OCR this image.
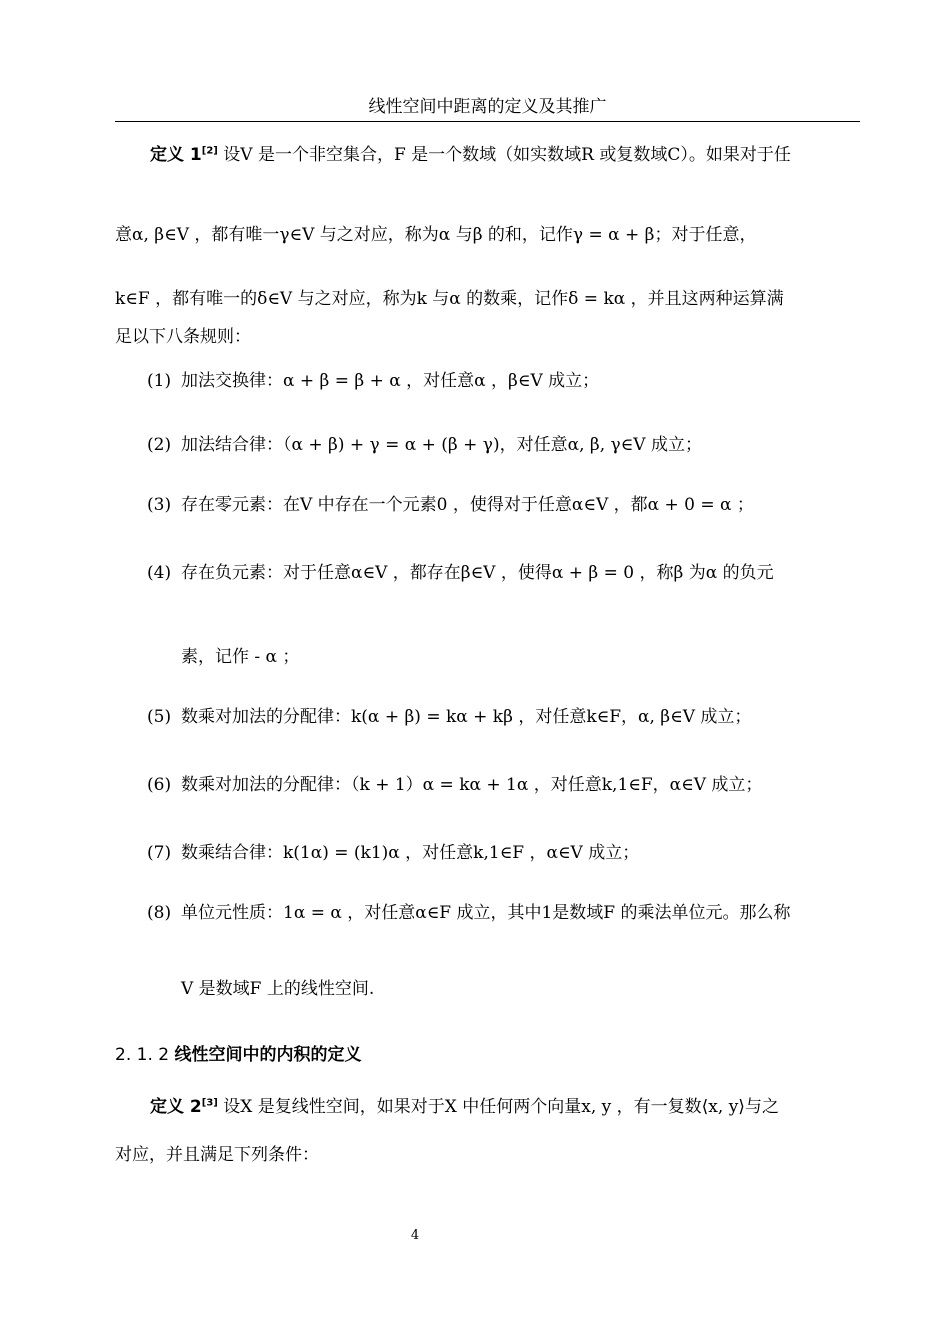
线性空间中距离的定义及其推广
定义 1[2] 设V 是一个非空集合，F 是一个数域（如实数域R 或复数域C）。如果对于任
意α, β∈V ，都有唯一γ∈V 与之对应，称为α 与β 的和，记作γ = α + β；对于任意，
k∈F ，都有唯一的δ∈V 与之对应，称为k 与α 的数乘，记作δ = kα ，并且这两种运算满
足以下八条规则：
(1) 加法交换律：α + β = β + α ，对任意α ，β∈V 成立；
(2) 加法结合律：（α + β) + γ = α + (β + γ)，对任意α, β, γ∈V 成立；
(3) 存在零元素：在V 中存在一个元素0 ，使得对于任意α∈V ，都α + 0 = α ；
(4) 存在负元素：对于任意α∈V ，都存在β∈V ，使得α + β = 0 ，称β 为α 的负元
素，记作 - α ；
(5) 数乘对加法的分配律：k(α + β) = kα + kβ ，对任意k∈F，α, β∈V 成立；
(6) 数乘对加法的分配律：（k + 1）α = kα + 1α ，对任意k,1∈F，α∈V 成立；
(7) 数乘结合律：k(1α) = (k1)α ，对任意k,1∈F ，α∈V 成立；
(8) 单位元性质：1α = α ，对任意α∈F 成立，其中1是数域F 的乘法单位元。那么称
V 是数域F 上的线性空间.
2. 1. 2 线性空间中的内积的定义
定义 2[3] 设X 是复线性空间，如果对于X 中任何两个向量x, y ，有一复数⟨x, y⟩与之
对应，并且满足下列条件：
4
